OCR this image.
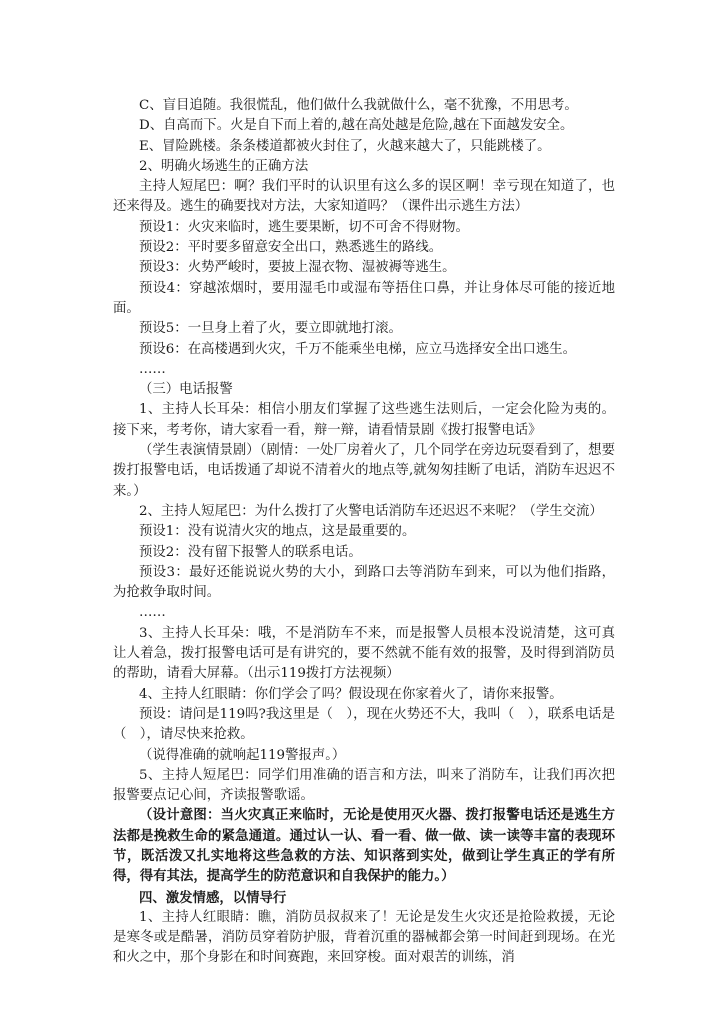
C、盲目追随。我很慌乱，他们做什么我就做什么，毫不犹豫，不用思考。

D、自高而下。火是自下而上着的,越在高处越是危险,越在下面越发安全。

E、冒险跳楼。条条楼道都被火封住了，火越来越大了，只能跳楼了。

2、明确火场逃生的正确方法

主持人短尾巴：啊？我们平时的认识里有这么多的误区啊！幸亏现在知道了，也还来得及。逃生的确要找对方法，大家知道吗？（课件出示逃生方法）

预设1：火灾来临时，逃生要果断，切不可舍不得财物。

预设2：平时要多留意安全出口，熟悉逃生的路线。

预设3：火势严峻时，要披上湿衣物、湿被褥等逃生。

预设4：穿越浓烟时，要用湿毛巾或湿布等捂住口鼻，并让身体尽可能的接近地面。

预设5：一旦身上着了火，要立即就地打滚。

预设6：在高楼遇到火灾，千万不能乘坐电梯，应立马选择安全出口逃生。

……

（三）电话报警

1、主持人长耳朵：相信小朋友们掌握了这些逃生法则后，一定会化险为夷的。接下来，考考你，请大家看一看，辩一辩，请看情景剧《拨打报警电话》

（学生表演情景剧）（剧情：一处厂房着火了，几个同学在旁边玩耍看到了，想要拨打报警电话，电话拨通了却说不清着火的地点等,就匆匆挂断了电话，消防车迟迟不来。）

2、主持人短尾巴：为什么拨打了火警电话消防车还迟迟不来呢？（学生交流）

预设1：没有说清火灾的地点，这是最重要的。

预设2：没有留下报警人的联系电话。

预设3：最好还能说说火势的大小，到路口去等消防车到来，可以为他们指路，为抢救争取时间。

……

3、主持人长耳朵：哦，不是消防车不来，而是报警人员根本没说清楚，这可真让人着急，拨打报警电话可是有讲究的，要不然就不能有效的报警，及时得到消防员的帮助，请看大屏幕。（出示119拨打方法视频）

4、主持人红眼睛：你们学会了吗？假设现在你家着火了，请你来报警。

预设：请问是119吗?我这里是（　），现在火势还不大，我叫（　），联系电话是（　），请尽快来抢救。

（说得准确的就响起119警报声。）

5、主持人短尾巴：同学们用准确的语言和方法，叫来了消防车，让我们再次把报警要点记心间，齐读报警歌谣。

（设计意图：当火灾真正来临时，无论是使用灭火器、拨打报警电话还是逃生方法都是挽救生命的紧急通道。通过认一认、看一看、做一做、读一读等丰富的表现环节，既活泼又扎实地将这些急救的方法、知识落到实处，做到让学生真正的学有所得，得有其法，提高学生的防范意识和自我保护的能力。）

四、激发情感，以情导行

1、主持人红眼睛：瞧，消防员叔叔来了！无论是发生火灾还是抢险救援，无论是寒冬或是酷暑，消防员穿着防护服，背着沉重的器械都会第一时间赶到现场。在光和火之中，那个身影在和时间赛跑，来回穿梭。面对艰苦的训练，消
